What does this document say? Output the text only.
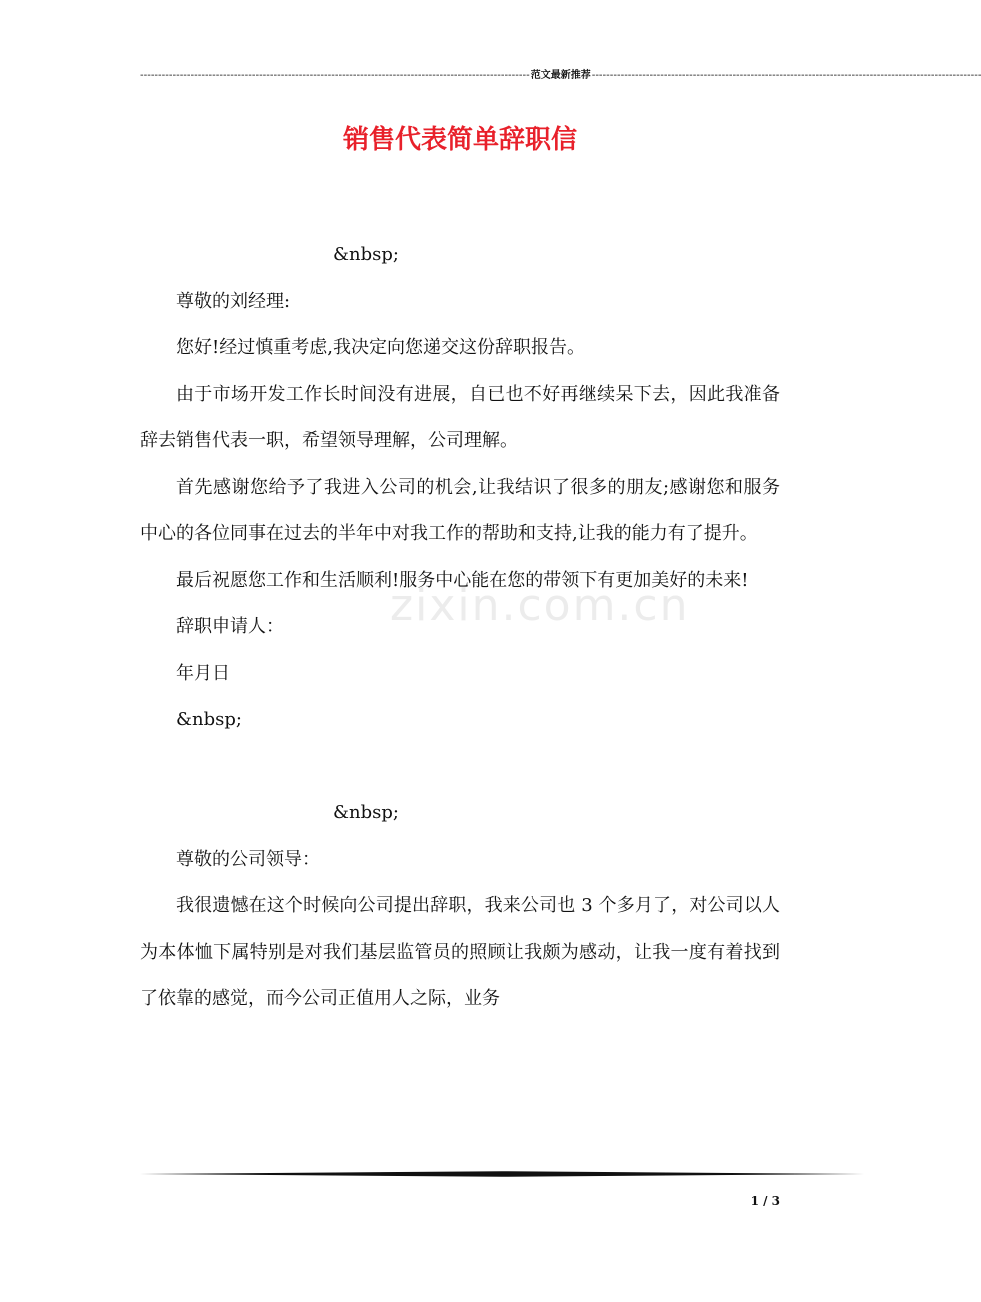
------------------------------------------------------------------------------------------------------------ 范文最新推荐 ------------------------------------------------------------------------------------------------------------
销售代表简单辞职信
zixin.com.cn

&nbsp;

尊敬的刘经理:

您好!经过慎重考虑,我决定向您递交这份辞职报告。

由于市场开发工作长时间没有进展，自已也不好再继续呆下去，因此我准备辞去销售代表一职，希望领导理解，公司理解。

首先感谢您给予了我进入公司的机会,让我结识了很多的朋友;感谢您和服务中心的各位同事在过去的半年中对我工作的帮助和支持,让我的能力有了提升。

最后祝愿您工作和生活顺利!服务中心能在您的带领下有更加美好的未来!

辞职申请人：

年月日

&nbsp;

&nbsp;

尊敬的公司领导：

我很遗憾在这个时候向公司提出辞职，我来公司也 3 个多月了，对公司以人为本体恤下属特别是对我们基层监管员的照顾让我颇为感动，让我一度有着找到了依靠的感觉，而今公司正值用人之际，业务

1 / 3
